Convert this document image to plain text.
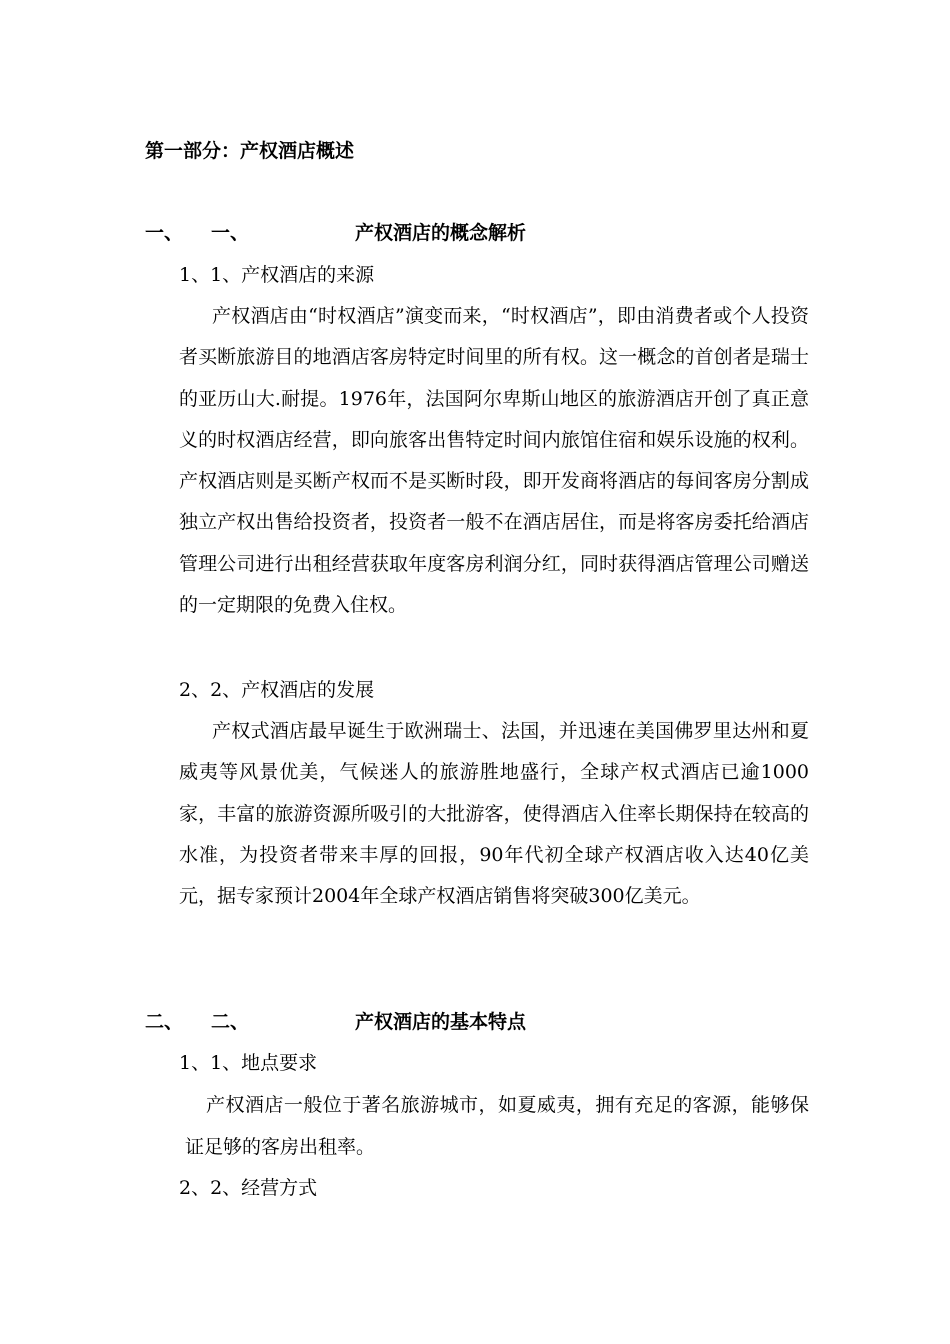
第一部分：产权酒店概述
一、 一、	产权酒店的概念解析
1、1、产权酒店的来源

产权酒店由“时权酒店”演变而来，“时权酒店”，即由消费者或个人投资者买断旅游目的地酒店客房特定时间里的所有权。这一概念的首创者是瑞士的亚历山大.耐提。1976年，法国阿尔卑斯山地区的旅游酒店开创了真正意义的时权酒店经营，即向旅客出售特定时间内旅馆住宿和娱乐设施的权利。产权酒店则是买断产权而不是买断时段，即开发商将酒店的每间客房分割成独立产权出售给投资者，投资者一般不在酒店居住，而是将客房委托给酒店管理公司进行出租经营获取年度客房利润分红，同时获得酒店管理公司赠送的一定期限的免费入住权。

2、2、产权酒店的发展

产权式酒店最早诞生于欧洲瑞士、法国，并迅速在美国佛罗里达州和夏威夷等风景优美，气候迷人的旅游胜地盛行，全球产权式酒店已逾1000家，丰富的旅游资源所吸引的大批游客，使得酒店入住率长期保持在较高的水准，为投资者带来丰厚的回报，90年代初全球产权酒店收入达40亿美元，据专家预计2004年全球产权酒店销售将突破300亿美元。

二、 二、	产权酒店的基本特点
1、1、地点要求

产权酒店一般位于著名旅游城市，如夏威夷，拥有充足的客源，能够保证足够的客房出租率。

2、2、经营方式
